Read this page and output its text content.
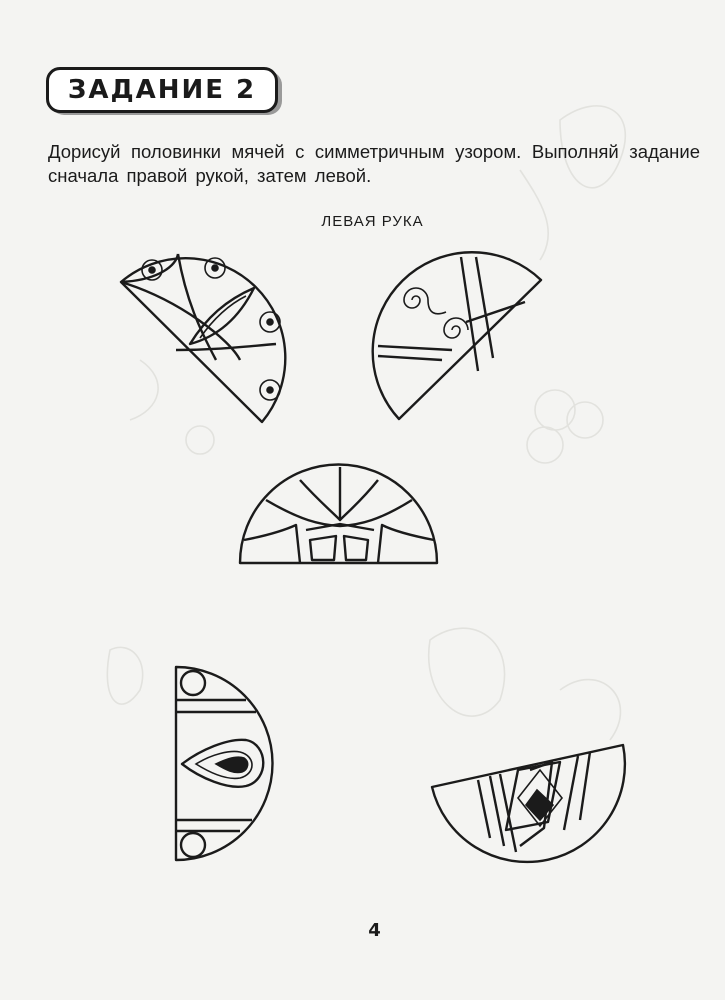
ЗАДАНИЕ 2
Дорисуй половинки мячей с симметричным узором. Выполняй задание сначала правой рукой, затем левой.
ЛЕВАЯ РУКА
4
